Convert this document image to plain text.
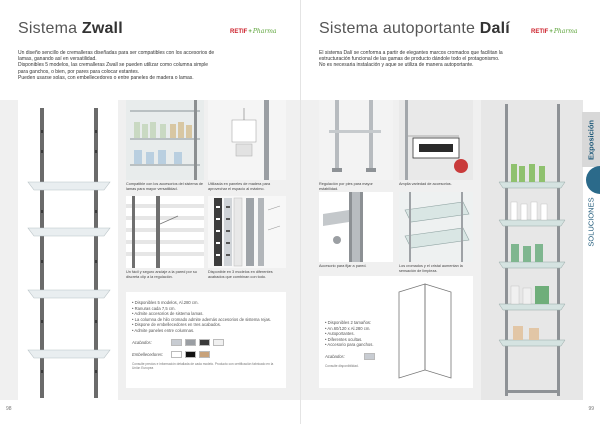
Sistema Zwall	RETIF+Pharma
Un diseño sencillo de cremalleras diseñadas para ser compatibles con los accesorios de
lamas, ganando así en versatilidad.
Disponibles 5 modelos, las cremalleras Zwall se pueden utilizar como columna simple
para ganchos, o bien, por pares para colocar estantes.
Pueden usarse solas, con embellecedores o entre paneles de madera o lamas.
Compatible con los accesorios del sistema de lamas para mayor versatilidad.
Utilizada en paneles de madera para aprovechar el espacio al máximo.
Un fácil y seguro anclaje a la pared por su discreta clip a la regulación.
Disponible en 3 modelos en diferentes acabados que combinan con todo.
• Disponibles 5 modelos, Al.280 cm.
• Ranuras cada 7,5 cm.
• Admite accesorios de sistema lamas.
• La columna de hilo cromado admite además accesorios de sistema rejas.
• Dispone de embellecedores en tres acabados.
• Admite paneles entre columnas.
Acabados:
Embellecedores:
Consulte precios e información detallada de cada modelo. Producto con certificación fabricado en la Unión Europea
98
Sistema autoportante Dalí	RETIF+Pharma
El sistema Dalí se conforma a partir de elegantes marcos cromados que facilitan la
estructuración funcional de las gamas de producto dándole todo el protagonismo.
No es necesaria instalación y aque se utiliza de manera autoportante.
Regulación por pies para mayor estabilidad.
Amplia variedad de accesorios.
Accesorio para fijar a pared.	Los cromados y el cristal aumentan la sensación de limpieza.
• Disponibles 2 tamaños:
• An.60/120 x Al.280 cm.
• Autoportantes.
• Diferentes ocultas.
• Accesorio para ganchos.
Acabados:
Consulte disponibilidad.
Exposición
SOLUCIONES
99
